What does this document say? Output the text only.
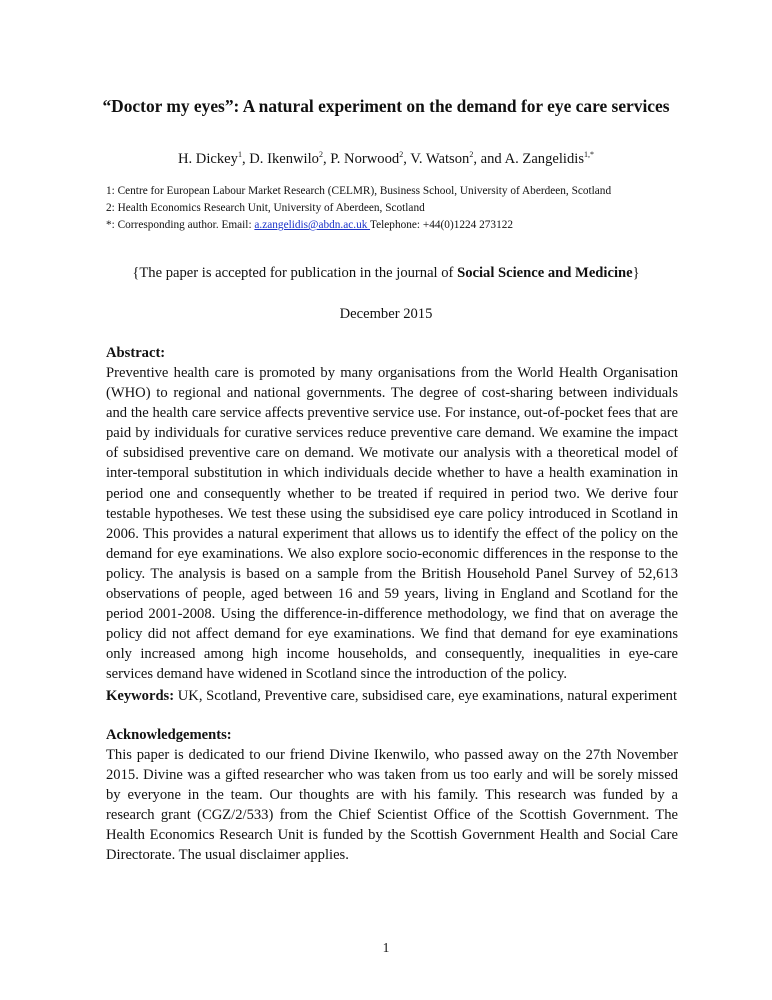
“Doctor my eyes”: A natural experiment on the demand for eye care services
H. Dickey$^1$, D. Ikenwilo$^2$, P. Norwood$^2$, V. Watson$^2$, and A. Zangelidis$^{1,*}$
1: Centre for European Labour Market Research (CELMR), Business School, University of Aberdeen, Scotland
2: Health Economics Research Unit, University of Aberdeen, Scotland
*: Corresponding author. Email: a.zangelidis@abdn.ac.uk Telephone: +44(0)1224 273122
{The paper is accepted for publication in the journal of Social Science and Medicine}
December 2015
Abstract:

Preventive health care is promoted by many organisations from the World Health Organisation (WHO) to regional and national governments. The degree of cost-sharing between individuals and the health care service affects preventive service use. For instance, out-of-pocket fees that are paid by individuals for curative services reduce preventive care demand. We examine the impact of subsidised preventive care on demand. We motivate our analysis with a theoretical model of inter-temporal substitution in which individuals decide whether to have a health examination in period one and consequently whether to be treated if required in period two. We derive four testable hypotheses. We test these using the subsidised eye care policy introduced in Scotland in 2006. This provides a natural experiment that allows us to identify the effect of the policy on the demand for eye examinations. We also explore socio-economic differences in the response to the policy. The analysis is based on a sample from the British Household Panel Survey of 52,613 observations of people, aged between 16 and 59 years, living in England and Scotland for the period 2001-2008. Using the difference-in-difference methodology, we find that on average the policy did not affect demand for eye examinations. We find that demand for eye examinations only increased among high income households, and consequently, inequalities in eye-care services demand have widened in Scotland since the introduction of the policy.

Keywords: UK, Scotland, Preventive care, subsidised care, eye examinations, natural experiment
Acknowledgements:

This paper is dedicated to our friend Divine Ikenwilo, who passed away on the 27th November 2015. Divine was a gifted researcher who was taken from us too early and will be sorely missed by everyone in the team. Our thoughts are with his family. This research was funded by a research grant (CGZ/2/533) from the Chief Scientist Office of the Scottish Government. The Health Economics Research Unit is funded by the Scottish Government Health and Social Care Directorate. The usual disclaimer applies.

1
